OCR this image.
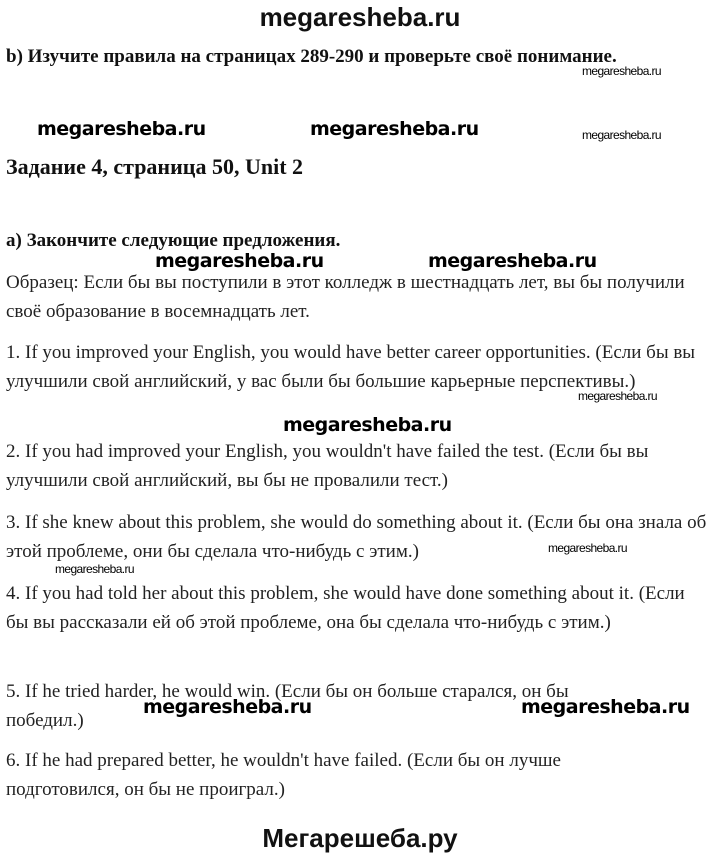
megaresheba.ru
b) Изучите правила на страницах 289-290 и проверьте своё понимание.
megaresheba.ru
megaresheba.ru	megaresheba.ru	megaresheba.ru
Задание 4, страница 50, Unit 2
а) Закончите следующие предложения.
megaresheba.ru	megaresheba.ru
Образец: Если бы вы поступили в этот колледж в шестнадцать лет, вы бы получили своё образование в восемнадцать лет.
1. If you improved your English, you would have better career opportunities. (Если бы вы улучшили свой английский, у вас были бы большие карьерные перспективы.)
megaresheba.ru
megaresheba.ru
2. If you had improved your English, you wouldn't have failed the test. (Если бы вы улучшили свой английский, вы бы не провалили тест.)
3. If she knew about this problem, she would do something about it. (Если бы она знала об этой проблеме, они бы сделала что-нибудь с этим.)	megaresheba.ru
megaresheba.ru
4. If you had told her about this problem, she would have done something about it. (Если бы вы рассказали ей об этой проблеме, она бы сделала что-нибудь с этим.)
5. If he tried harder, he would win. (Если бы он больше старался, он бы победил.)
megaresheba.ru	megaresheba.ru
6. If he had prepared better, he wouldn't have failed. (Если бы он лучше подготовился, он бы не проиграл.)
Мегарешеба.ру
